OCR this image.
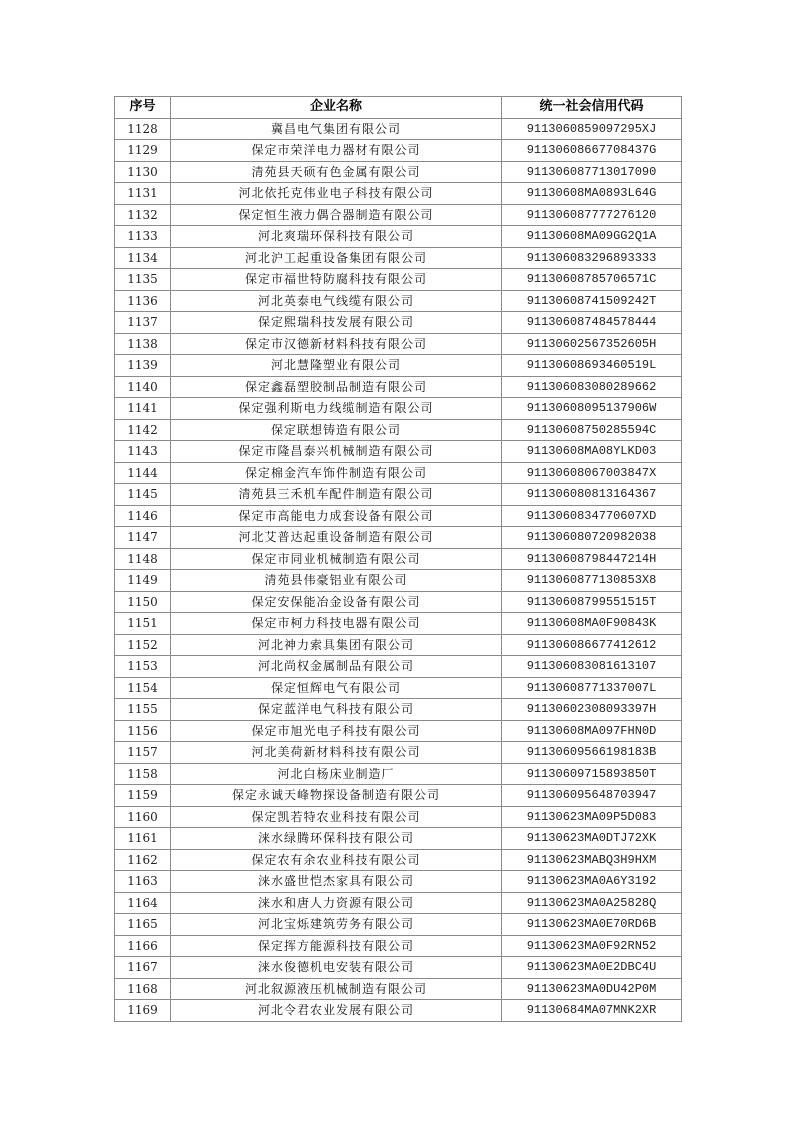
序号	企业名称	统一社会信用代码
1128	冀昌电气集团有限公司	9113060859097295XJ
1129	保定市荣洋电力器材有限公司	91130608667708437G
1130	清苑县天硕有色金属有限公司	911306087713017090
1131	河北依托克伟业电子科技有限公司	91130608MA0893L64G
1132	保定恒生液力偶合器制造有限公司	911306087777276120
1133	河北爽瑞环保科技有限公司	91130608MA09GG2Q1A
1134	河北沪工起重设备集团有限公司	911306083296893333
1135	保定市福世特防腐科技有限公司	91130608785706571C
1136	河北英泰电气线缆有限公司	91130608741509242T
1137	保定熙瑞科技发展有限公司	911306087484578444
1138	保定市汉德新材料科技有限公司	91130602567352605H
1139	河北慧隆塑业有限公司	91130608693460519L
1140	保定鑫磊塑胶制品制造有限公司	911306083080289662
1141	保定强利斯电力线缆制造有限公司	91130608095137906W
1142	保定联想铸造有限公司	91130608750285594C
1143	保定市隆昌泰兴机械制造有限公司	91130608MA08YLKD03
1144	保定棉金汽车饰件制造有限公司	91130608067003847X
1145	清苑县三禾机车配件制造有限公司	911306080813164367
1146	保定市高能电力成套设备有限公司	9113060834770607XD
1147	河北艾普达起重设备制造有限公司	911306080720982038
1148	保定市同业机械制造有限公司	91130608798447214H
1149	清苑县伟豪铝业有限公司	9113060877130853X8
1150	保定安保能冶金设备有限公司	91130608799551515T
1151	保定市柯力科技电器有限公司	91130608MA0F90843K
1152	河北神力索具集团有限公司	911306086677412612
1153	河北尚权金属制品有限公司	911306083081613107
1154	保定恒辉电气有限公司	91130608771337007L
1155	保定蓝洋电气科技有限公司	91130602308093397H
1156	保定市旭光电子科技有限公司	91130608MA097FHN0D
1157	河北美荷新材料科技有限公司	91130609566198183B
1158	河北白杨床业制造厂	91130609715893850T
1159	保定永诚天峰物探设备制造有限公司	911306095648703947
1160	保定凯若特农业科技有限公司	91130623MA09P5D083
1161	涞水绿腾环保科技有限公司	91130623MA0DTJ72XK
1162	保定农有余农业科技有限公司	91130623MABQ3H9HXM
1163	涞水盛世恺杰家具有限公司	91130623MA0A6Y3192
1164	涞水和唐人力资源有限公司	91130623MA0A25828Q
1165	河北宝烁建筑劳务有限公司	91130623MA0E70RD6B
1166	保定挥方能源科技有限公司	91130623MA0F92RN52
1167	涞水俊德机电安装有限公司	91130623MA0E2DBC4U
1168	河北叙源液压机械制造有限公司	91130623MA0DU42P0M
1169	河北令君农业发展有限公司	91130684MA07MNK2XR
